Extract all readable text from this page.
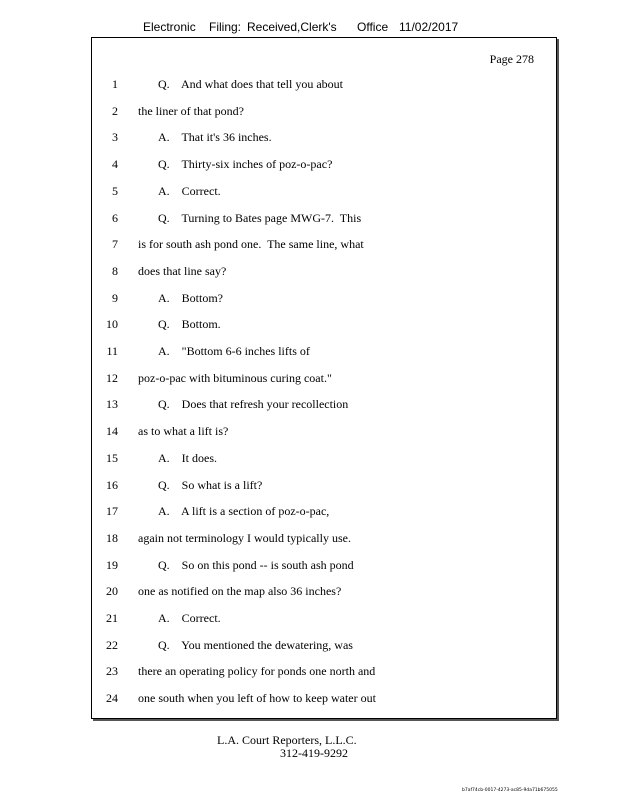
Electronic Filing: Received,Clerk's Office 11/02/2017
Page 278
1	Q.    And what does that tell you about
2 the liner of that pond?
3	A.    That it's 36 inches.
4	Q.    Thirty-six inches of poz-o-pac?
5	A.    Correct.
6	Q.    Turning to Bates page MWG-7.  This
7 is for south ash pond one.  The same line, what
8 does that line say?
9	A.    Bottom?
10	Q.    Bottom.
11	A.    "Bottom 6-6 inches lifts of
12 poz-o-pac with bituminous curing coat."
13	Q.    Does that refresh your recollection
14 as to what a lift is?
15	A.    It does.
16	Q.    So what is a lift?
17	A.    A lift is a section of poz-o-pac,
18 again not terminology I would typically use.
19	Q.    So on this pond -- is south ash pond
20 one as notified on the map also 36 inches?
21	A.    Correct.
22	Q.    You mentioned the dewatering, was
23 there an operating policy for ponds one north and
24 one south when you left of how to keep water out
L.A. Court Reporters, L.L.C.
312-419-9292
b7af74cb-0017-4273-ac85-9da71b675055
